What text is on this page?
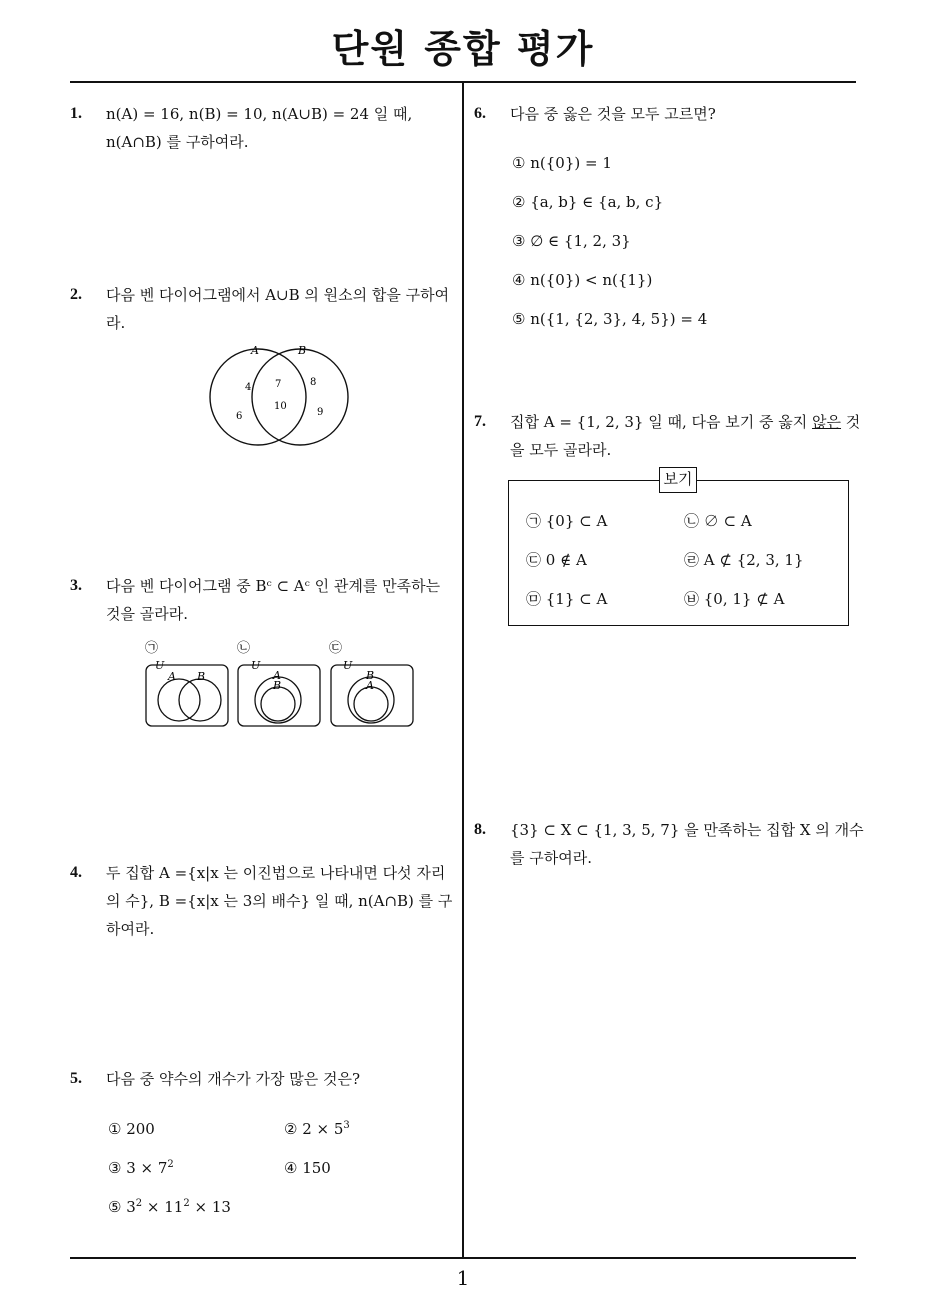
단원 종합 평가
1
1.	n(A) = 16, n(B) = 10, n(A∪B) = 24 일 때, n(A∩B) 를 구하여라.
2.	다음 벤 다이어그램에서 A∪B 의 원소의 합을 구하여라.
A	B
4
6
7
10
8
9
3.	다음 벤 다이어그램 중 Bᶜ ⊂ Aᶜ 인 관계를 만족하는 것을 골라라.
㉠
U
A B
㉡
U
A
B
㉢
U
B
A
4.	두 집합 A ={x|x 는 이진법으로 나타내면 다섯 자리의 수}, B ={x|x 는 3의 배수} 일 때, n(A∩B) 를 구하여라.
5.	다음 중 약수의 개수가 가장 많은 것은?
① 200	② $2 \times 5^3$
③ $3 \times 7^2$	④ 150
⑤ $3^2 \times 11^2 \times 13$
6.	다음 중 옳은 것을 모두 고르면?
① n({0}) = 1
② {a, b} ∈ {a, b, c}
③ ∅ ∈ {1, 2, 3}
④ n({0}) < n({1})
⑤ n({1, {2, 3}, 4, 5}) = 4
7.	집합 A = {1, 2, 3} 일 때, 다음 보기 중 옳지 않은 것을 모두 골라라.
보기
㉠ {0} ⊂ A	㉡ ∅ ⊂ A
㉢ 0 ∉ A	㉣ A ⊄ {2, 3, 1}
㉤ {1} ⊂ A	㉥ {0, 1} ⊄ A
8.	{3} ⊂ X ⊂ {1, 3, 5, 7} 을 만족하는 집합 X 의 개수를 구하여라.
